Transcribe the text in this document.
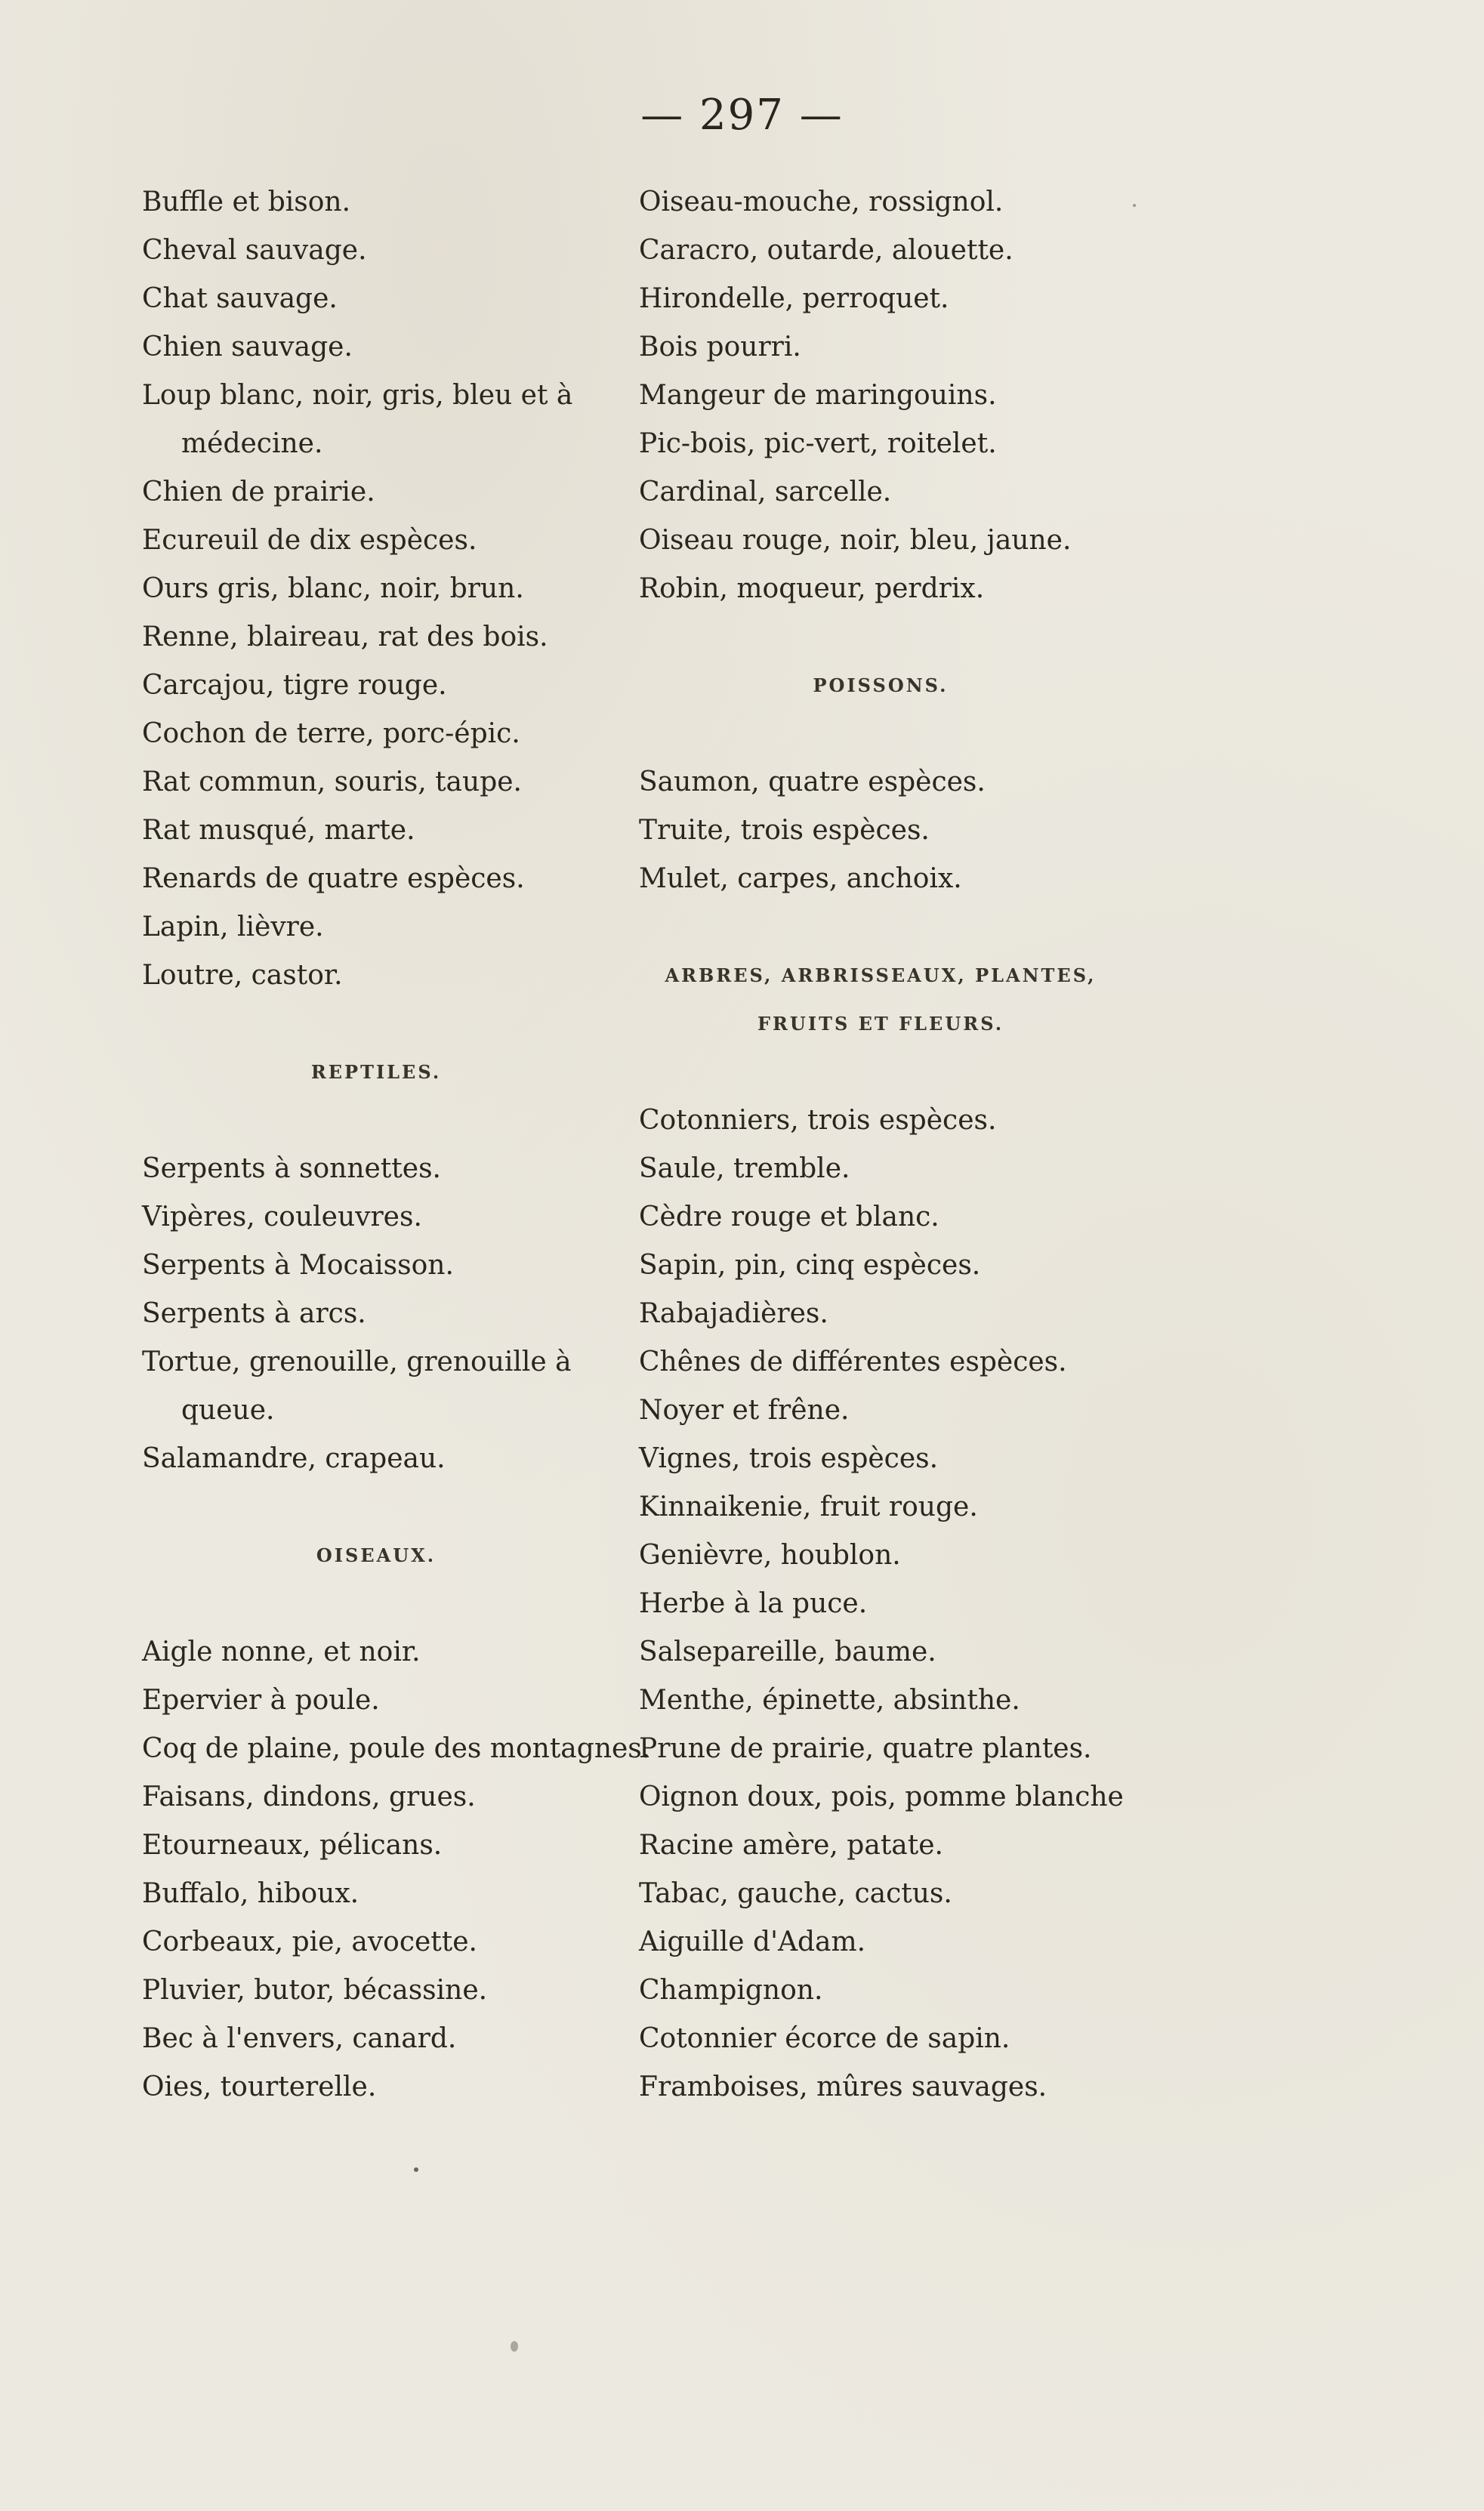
— 297 —
Buffle et bison.
Cheval sauvage.
Chat sauvage.
Chien sauvage.
Loup blanc, noir, gris, bleu et à
médecine.
Chien de prairie.
Ecureuil de dix espèces.
Ours gris, blanc, noir, brun.
Renne, blaireau, rat des bois.
Carcajou, tigre rouge.
Cochon de terre, porc-épic.
Rat commun, souris, taupe.
Rat musqué, marte.
Renards de quatre espèces.
Lapin, lièvre.
Loutre, castor.
REPTILES.
Serpents à sonnettes.
Vipères, couleuvres.
Serpents à Mocaisson.
Serpents à arcs.
Tortue, grenouille, grenouille à
queue.
Salamandre, crapeau.
OISEAUX.
Aigle nonne, et noir.
Epervier à poule.
Coq de plaine, poule des montagnes.
Faisans, dindons, grues.
Etourneaux, pélicans.
Buffalo, hiboux.
Corbeaux, pie, avocette.
Pluvier, butor, bécassine.
Bec à l'envers, canard.
Oies, tourterelle.
Oiseau-mouche, rossignol.
Caracro, outarde, alouette.
Hirondelle, perroquet.
Bois pourri.
Mangeur de maringouins.
Pic-bois, pic-vert, roitelet.
Cardinal, sarcelle.
Oiseau rouge, noir, bleu, jaune.
Robin, moqueur, perdrix.
POISSONS.
Saumon, quatre espèces.
Truite, trois espèces.
Mulet, carpes, anchoix.
ARBRES, ARBRISSEAUX, PLANTES,
FRUITS ET FLEURS.
Cotonniers, trois espèces.
Saule, tremble.
Cèdre rouge et blanc.
Sapin, pin, cinq espèces.
Rabajadières.
Chênes de différentes espèces.
Noyer et frêne.
Vignes, trois espèces.
Kinnaikenie, fruit rouge.
Genièvre, houblon.
Herbe à la puce.
Salsepareille, baume.
Menthe, épinette, absinthe.
Prune de prairie, quatre plantes.
Oignon doux, pois, pomme blanche
Racine amère, patate.
Tabac, gauche, cactus.
Aiguille d'Adam.
Champignon.
Cotonnier écorce de sapin.
Framboises, mûres sauvages.
